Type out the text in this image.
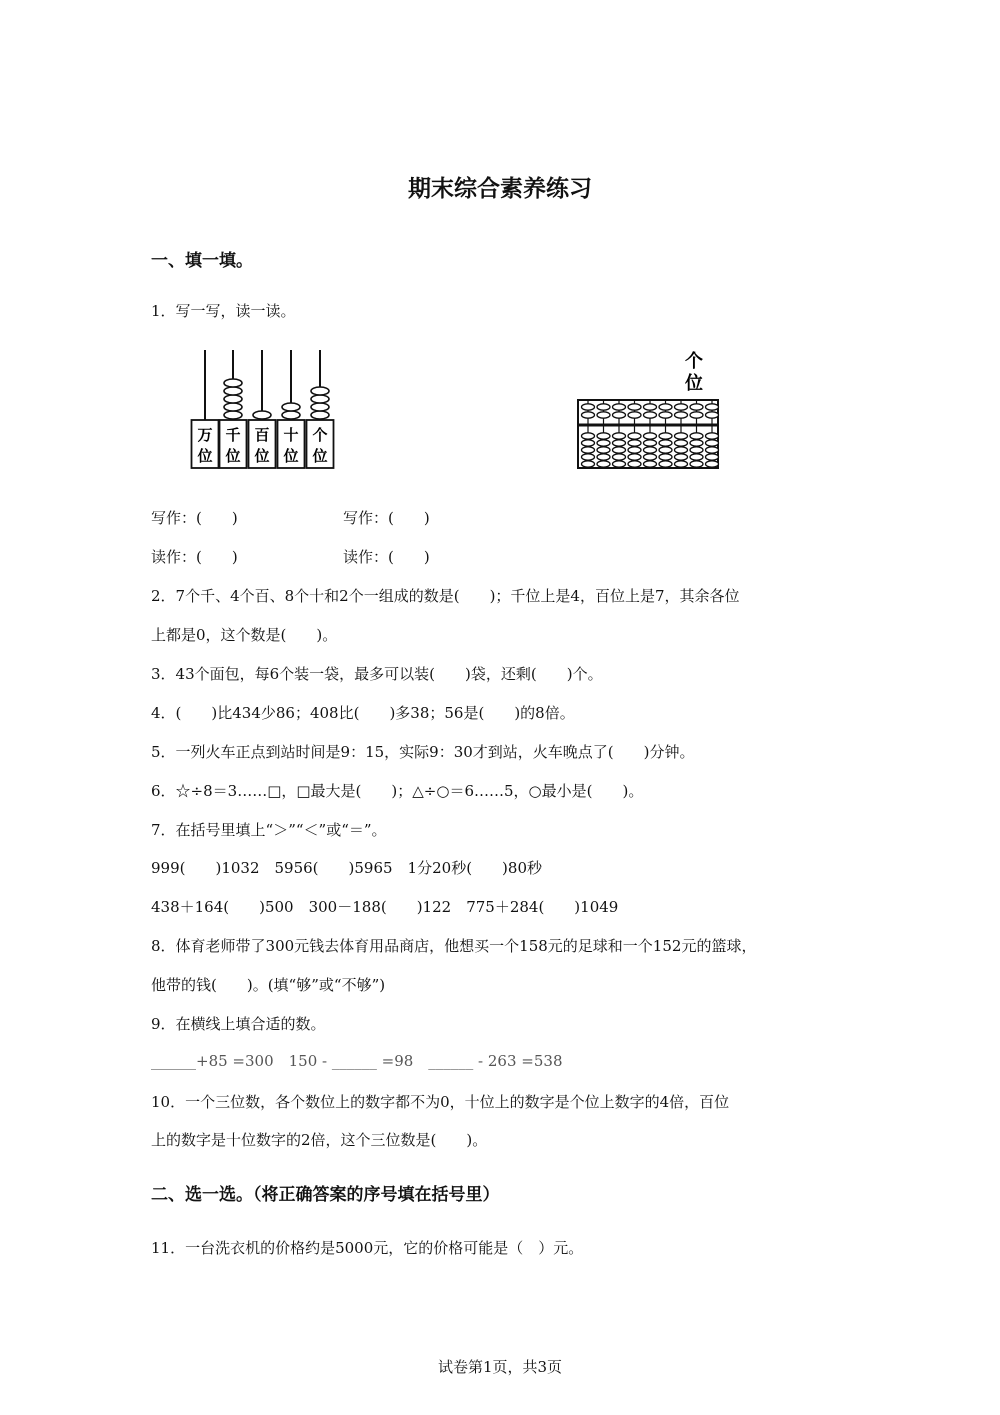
期末综合素养练习
一、填一填。
1．写一写，读一读。
万
位
千
位
百
位
十
位
个
位
个
位
写作：(　　)	写作：(　　)
读作：(　　)	读作：(　　)
2．7个千、4个百、8个十和2个一组成的数是(　　)；千位上是4，百位上是7，其余各位
上都是0，这个数是(　　)。
3．43个面包，每6个装一袋，最多可以装(　　)袋，还剩(　　)个。
4．(　　)比434少86；408比(　　)多38；56是(　　)的8倍。
5．一列火车正点到站时间是9：15，实际9：30才到站，火车晚点了(　　)分钟。
6．☆÷8＝3……□，□最大是(　　)；△÷○＝6……5，○最小是(　　)。
7．在括号里填上“＞”“＜”或“＝”。
999(　　)1032　5956(　　)5965　1分20秒(　　)80秒
438＋164(　　)500　300－188(　　)122　775＋284(　　)1049
8．体育老师带了300元钱去体育用品商店，他想买一个158元的足球和一个152元的篮球，
他带的钱(　　)。(填“够”或“不够”)
9．在横线上填合适的数。
______+85 =300　150 - ______ =98　______ - 263 =538
10．一个三位数，各个数位上的数字都不为0，十位上的数字是个位上数字的4倍，百位
上的数字是十位数字的2倍，这个三位数是(　　)。
二、选一选。（将正确答案的序号填在括号里）
11．一台洗衣机的价格约是5000元，它的价格可能是（　）元。
试卷第1页，共3页
